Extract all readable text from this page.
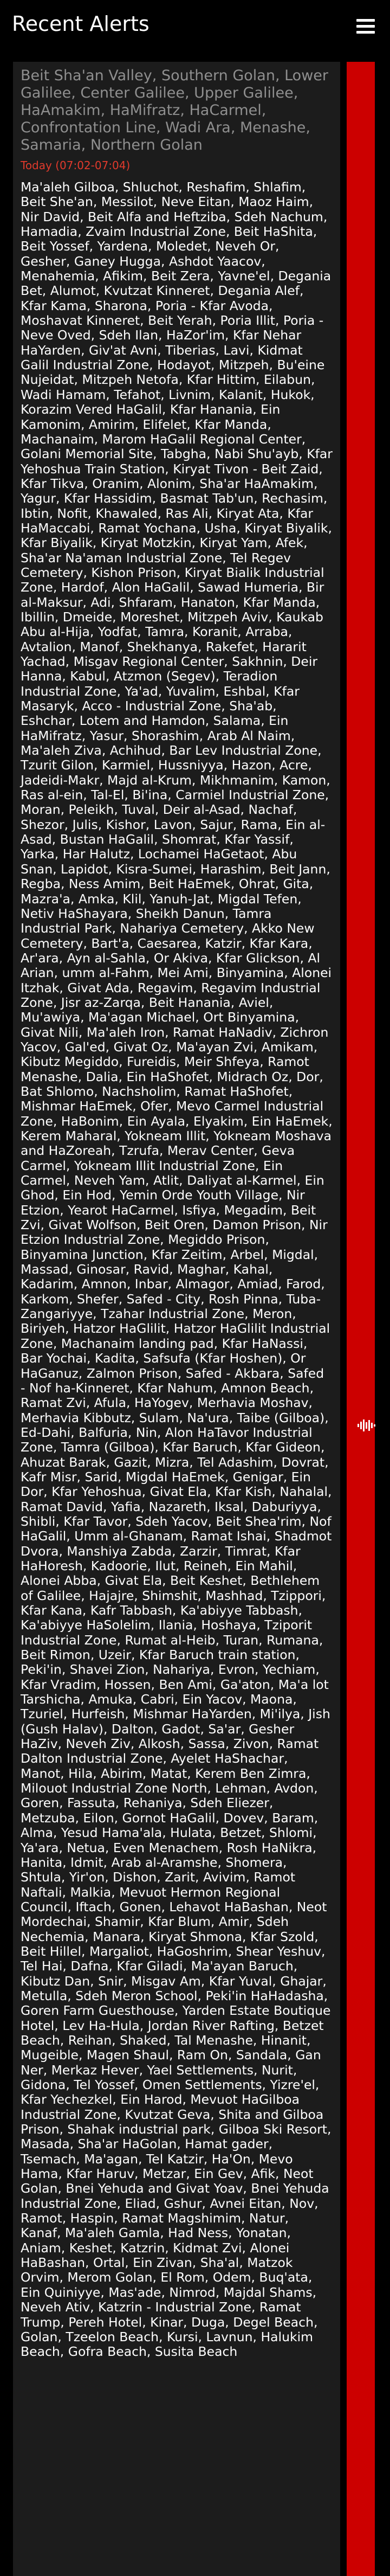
Recent Alerts

Beit Sha'an Valley, Southern Golan, Lower Galilee, Center Galilee, Upper Galilee, HaAmakim, HaMifratz, HaCarmel, Confrontation Line, Wadi Ara, Menashe, Samaria, Northern Golan

Today (07:02-07:04)

Ma'aleh Gilboa, Shluchot, Reshafim, Shlafim, Beit She'an, Messilot, Neve Eitan, Maoz Haim, Nir David, Beit Alfa and Heftziba, Sdeh Nachum, Hamadia, Zvaim Industrial Zone, Beit HaShita, Beit Yossef, Yardena, Moledet, Neveh Or, Gesher, Ganey Hugga, Ashdot Yaacov, Menahemia, Afikim, Beit Zera, Yavne'el, Degania Bet, Alumot, Kvutzat Kinneret, Degania Alef, Kfar Kama, Sharona, Poria - Kfar Avoda, Moshavat Kinneret, Beit Yerah, Poria Illit, Poria - Neve Oved, Sdeh Ilan, HaZor'im, Kfar Nehar HaYarden, Giv'at Avni, Tiberias, Lavi, Kidmat Galil Industrial Zone, Hodayot, Mitzpeh, Bu'eine Nujeidat, Mitzpeh Netofa, Kfar Hittim, Eilabun, Wadi Hamam, Tefahot, Livnim, Kalanit, Hukok, Korazim Vered HaGalil, Kfar Hanania, Ein Kamonim, Amirim, Elifelet, Kfar Manda, Machanaim, Marom HaGalil Regional Center, Golani Memorial Site, Tabgha, Nabi Shu'ayb, Kfar Yehoshua Train Station, Kiryat Tivon - Beit Zaid, Kfar Tikva, Oranim, Alonim, Sha'ar HaAmakim, Yagur, Kfar Hassidim, Basmat Tab'un, Rechasim, Ibtin, Nofit, Khawaled, Ras Ali, Kiryat Ata, Kfar HaMaccabi, Ramat Yochana, Usha, Kiryat Biyalik, Kfar Biyalik, Kiryat Motzkin, Kiryat Yam, Afek, Sha'ar Na'aman Industrial Zone, Tel Regev Cemetery, Kishon Prison, Kiryat Bialik Industrial Zone, Hardof, Alon HaGalil, Sawad Humeria, Bir al-Maksur, Adi, Shfaram, Hanaton, Kfar Manda, Ibillin, Dmeide, Moreshet, Mitzpeh Aviv, Kaukab Abu al-Hija, Yodfat, Tamra, Koranit, Arraba, Avtalion, Manof, Shekhanya, Rakefet, Hararit Yachad, Misgav Regional Center, Sakhnin, Deir Hanna, Kabul, Atzmon (Segev), Teradion Industrial Zone, Ya'ad, Yuvalim, Eshbal, Kfar Masaryk, Acco - Industrial Zone, Sha'ab, Eshchar, Lotem and Hamdon, Salama, Ein HaMifratz, Yasur, Shorashim, Arab Al Naim, Ma'aleh Ziva, Achihud, Bar Lev Industrial Zone, Tzurit Gilon, Karmiel, Hussniyya, Hazon, Acre, Jadeidi-Makr, Majd al-Krum, Mikhmanim, Kamon, Ras al-ein, Tal-El, Bi'ina, Carmiel Industrial Zone, Moran, Peleikh, Tuval, Deir al-Asad, Nachaf, Shezor, Julis, Kishor, Lavon, Sajur, Rama, Ein al-Asad, Bustan HaGalil, Shomrat, Kfar Yassif, Yarka, Har Halutz, Lochamei HaGetaot, Abu Snan, Lapidot, Kisra-Sumei, Harashim, Beit Jann, Regba, Ness Amim, Beit HaEmek, Ohrat, Gita, Mazra'a, Amka, Klil, Yanuh-Jat, Migdal Tefen, Netiv HaShayara, Sheikh Danun, Tamra Industrial Park, Nahariya Cemetery, Akko New Cemetery, Bart'a, Caesarea, Katzir, Kfar Kara, Ar'ara, Ayn al-Sahla, Or Akiva, Kfar Glickson, Al Arian, umm al-Fahm, Mei Ami, Binyamina, Alonei Itzhak, Givat Ada, Regavim, Regavim Industrial Zone, Jisr az-Zarqa, Beit Hanania, Aviel, Mu'awiya, Ma'agan Michael, Ort Binyamina, Givat Nili, Ma'aleh Iron, Ramat HaNadiv, Zichron Yacov, Gal'ed, Givat Oz, Ma'ayan Zvi, Amikam, Kibutz Megiddo, Fureidis, Meir Shfeya, Ramot Menashe, Dalia, Ein HaShofet, Midrach Oz, Dor, Bat Shlomo, Nachsholim, Ramat HaShofet, Mishmar HaEmek, Ofer, Mevo Carmel Industrial Zone, HaBonim, Ein Ayala, Elyakim, Ein HaEmek, Kerem Maharal, Yokneam Illit, Yokneam Moshava and HaZoreah, Tzrufa, Merav Center, Geva Carmel, Yokneam Illit Industrial Zone, Ein Carmel, Neveh Yam, Atlit, Daliyat al-Karmel, Ein Ghod, Ein Hod, Yemin Orde Youth Village, Nir Etzion, Yearot HaCarmel, Isfiya, Megadim, Beit Zvi, Givat Wolfson, Beit Oren, Damon Prison, Nir Etzion Industrial Zone, Megiddo Prison, Binyamina Junction, Kfar Zeitim, Arbel, Migdal, Massad, Ginosar, Ravid, Maghar, Kahal, Kadarim, Amnon, Inbar, Almagor, Amiad, Farod, Karkom, Shefer, Safed - City, Rosh Pinna, Tuba-Zangariyye, Tzahar Industrial Zone, Meron, Biriyeh, Hatzor HaGlilit, Hatzor HaGlilit Industrial Zone, Machanaim landing pad, Kfar HaNassi, Bar Yochai, Kadita, Safsufa (Kfar Hoshen), Or HaGanuz, Zalmon Prison, Safed - Akbara, Safed - Nof ha-Kinneret, Kfar Nahum, Amnon Beach, Ramat Zvi, Afula, HaYogev, Merhavia Moshav, Merhavia Kibbutz, Sulam, Na'ura, Taibe (Gilboa), Ed-Dahi, Balfuria, Nin, Alon HaTavor Industrial Zone, Tamra (Gilboa), Kfar Baruch, Kfar Gideon, Ahuzat Barak, Gazit, Mizra, Tel Adashim, Dovrat, Kafr Misr, Sarid, Migdal HaEmek, Genigar, Ein Dor, Kfar Yehoshua, Givat Ela, Kfar Kish, Nahalal, Ramat David, Yafia, Nazareth, Iksal, Daburiyya, Shibli, Kfar Tavor, Sdeh Yacov, Beit Shea'rim, Nof HaGalil, Umm al-Ghanam, Ramat Ishai, Shadmot Dvora, Manshiya Zabda, Zarzir, Timrat, Kfar HaHoresh, Kadoorie, Ilut, Reineh, Ein Mahil, Alonei Abba, Givat Ela, Beit Keshet, Bethlehem of Galilee, Hajajre, Shimshit, Mashhad, Tzippori, Kfar Kana, Kafr Tabbash, Ka'abiyye Tabbash, Ka'abiyye HaSolelim, Ilania, Hoshaya, Tziporit Industrial Zone, Rumat al-Heib, Turan, Rumana, Beit Rimon, Uzeir, Kfar Baruch train station, Peki'in, Shavei Zion, Nahariya, Evron, Yechiam, Kfar Vradim, Hossen, Ben Ami, Ga'aton, Ma'a lot Tarshicha, Amuka, Cabri, Ein Yacov, Maona, Tzuriel, Hurfeish, Mishmar HaYarden, Mi'ilya, Jish (Gush Halav), Dalton, Gadot, Sa'ar, Gesher HaZiv, Neveh Ziv, Alkosh, Sassa, Zivon, Ramat Dalton Industrial Zone, Ayelet HaShachar, Manot, Hila, Abirim, Matat, Kerem Ben Zimra, Milouot Industrial Zone North, Lehman, Avdon, Goren, Fassuta, Rehaniya, Sdeh Eliezer, Metzuba, Eilon, Gornot HaGalil, Dovev, Baram, Alma, Yesud Hama'ala, Hulata, Betzet, Shlomi, Ya'ara, Netua, Even Menachem, Rosh HaNikra, Hanita, Idmit, Arab al-Aramshe, Shomera, Shtula, Yir'on, Dishon, Zarit, Avivim, Ramot Naftali, Malkia, Mevuot Hermon Regional Council, Iftach, Gonen, Lehavot HaBashan, Neot Mordechai, Shamir, Kfar Blum, Amir, Sdeh Nechemia, Manara, Kiryat Shmona, Kfar Szold, Beit Hillel, Margaliot, HaGoshrim, Shear Yeshuv, Tel Hai, Dafna, Kfar Giladi, Ma'ayan Baruch, Kibutz Dan, Snir, Misgav Am, Kfar Yuval, Ghajar, Metulla, Sdeh Meron School, Peki'in HaHadasha, Goren Farm Guesthouse, Yarden Estate Boutique Hotel, Lev Ha-Hula, Jordan River Rafting, Betzet Beach, Reihan, Shaked, Tal Menashe, Hinanit, Mugeible, Magen Shaul, Ram On, Sandala, Gan Ner, Merkaz Hever, Yael Settlements, Nurit, Gidona, Tel Yossef, Omen Settlements, Yizre'el, Kfar Yechezkel, Ein Harod, Mevuot HaGilboa Industrial Zone, Kvutzat Geva, Shita and Gilboa Prison, Shahak industrial park, Gilboa Ski Resort, Masada, Sha'ar HaGolan, Hamat gader, Tsemach, Ma'agan, Tel Katzir, Ha'On, Mevo Hama, Kfar Haruv, Metzar, Ein Gev, Afik, Neot Golan, Bnei Yehuda and Givat Yoav, Bnei Yehuda Industrial Zone, Eliad, Gshur, Avnei Eitan, Nov, Ramot, Haspin, Ramat Magshimim, Natur, Kanaf, Ma'aleh Gamla, Had Ness, Yonatan, Aniam, Keshet, Katzrin, Kidmat Zvi, Alonei HaBashan, Ortal, Ein Zivan, Sha'al, Matzok Orvim, Merom Golan, El Rom, Odem, Buq'ata, Ein Quiniyye, Mas'ade, Nimrod, Majdal Shams, Neveh Ativ, Katzrin - Industrial Zone, Ramat Trump, Pereh Hotel, Kinar, Duga, Degel Beach, Golan, Tzeelon Beach, Kursi, Lavnun, Halukim Beach, Gofra Beach, Susita Beach
